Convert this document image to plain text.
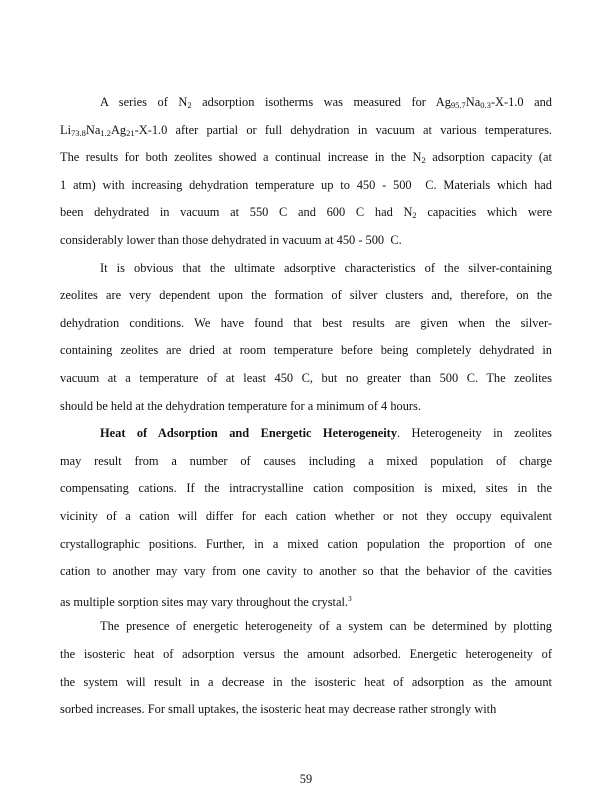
A series of $N_2$ adsorption isotherms was measured for $Ag_{95.7}Na_{0.3}-X-1.0$ and
$Li_{73.8}Na_{1.2}Ag_{21}-X-1.0$ after partial or full dehydration in vacuum at various temperatures.
The results for both zeolites showed a continual increase in the $N_2$ adsorption capacity (at
1 atm) with increasing dehydration temperature up to 450 - 500  C. Materials which had
been dehydrated in vacuum at 550 C and 600 C had $N_2$ capacities which were
considerably lower than those dehydrated in vacuum at 450 - 500  C.
It is obvious that the ultimate adsorptive characteristics of the silver-containing
zeolites are very dependent upon the formation of silver clusters and, therefore, on the
dehydration conditions. We have found that best results are given when the silver-
containing zeolites are dried at room temperature before being completely dehydrated in
vacuum at a temperature of at least 450 C, but no greater than 500 C. The zeolites
should be held at the dehydration temperature for a minimum of 4 hours.
Heat of Adsorption and Energetic Heterogeneity. Heterogeneity in zeolites
may result from a number of causes including a mixed population of charge
compensating cations. If the intracrystalline cation composition is mixed, sites in the
vicinity of a cation will differ for each cation whether or not they occupy equivalent
crystallographic positions. Further, in a mixed cation population the proportion of one
cation to another may vary from one cavity to another so that the behavior of the cavities
as multiple sorption sites may vary throughout the crystal.$^3$
The presence of energetic heterogeneity of a system can be determined by plotting
the isosteric heat of adsorption versus the amount adsorbed. Energetic heterogeneity of
the system will result in a decrease in the isosteric heat of adsorption as the amount
sorbed increases. For small uptakes, the isosteric heat may decrease rather strongly with
59
